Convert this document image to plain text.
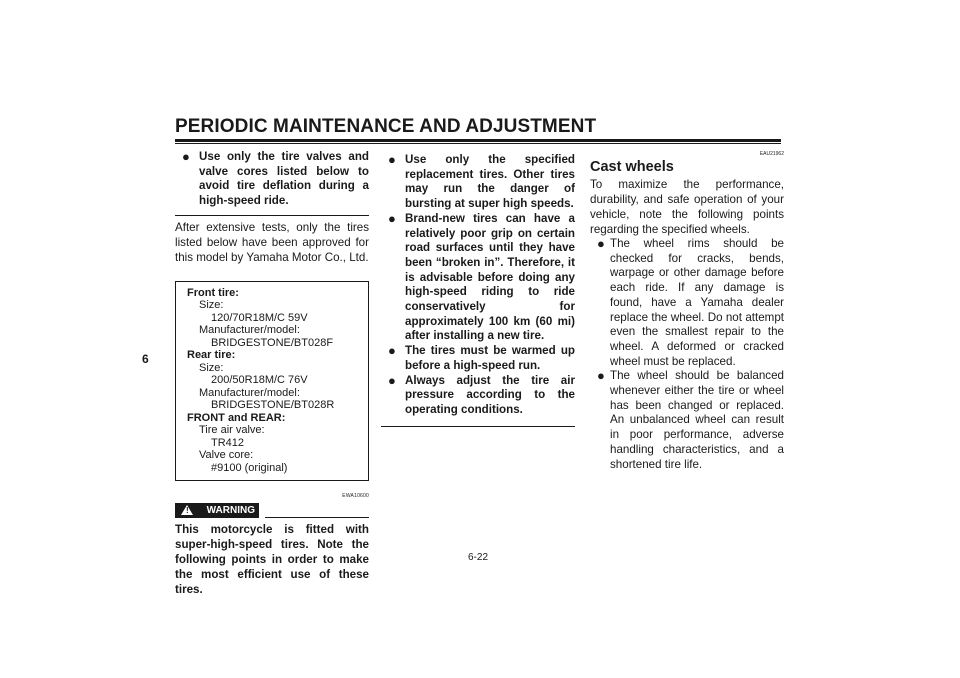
PERIODIC MAINTENANCE AND ADJUSTMENT
6
● Use only the tire valves and valve cores listed below to avoid tire deflation during a high-speed ride.
After extensive tests, only the tires listed below have been approved for this model by Yamaha Motor Co., Ltd.
Front tire:
Size:
120/70R18M/C 59V
Manufacturer/model:
BRIDGESTONE/BT028F
Rear tire:
Size:
200/50R18M/C 76V
Manufacturer/model:
BRIDGESTONE/BT028R
FRONT and REAR:
Tire air valve:
TR412
Valve core:
#9100 (original)
EWA10600
! WARNING
This motorcycle is fitted with super-high-speed tires. Note the following points in order to make the most efficient use of these tires.
● Use only the specified replacement tires. Other tires may run the danger of bursting at super high speeds.
● Brand-new tires can have a relatively poor grip on certain road surfaces until they have been “broken in”. Therefore, it is advisable before doing any high-speed riding to ride conservatively for approximately 100 km (60 mi) after installing a new tire.
● The tires must be warmed up before a high-speed run.
● Always adjust the tire air pressure according to the operating conditions.
EAU21962
Cast wheels
To maximize the performance, durability, and safe operation of your vehicle, note the following points regarding the specified wheels.
● The wheel rims should be checked for cracks, bends, warpage or other damage before each ride. If any damage is found, have a Yamaha dealer replace the wheel. Do not attempt even the smallest repair to the wheel. A deformed or cracked wheel must be replaced.
● The wheel should be balanced whenever either the tire or wheel has been changed or replaced. An unbalanced wheel can result in poor performance, adverse handling characteristics, and a shortened tire life.
6-22
